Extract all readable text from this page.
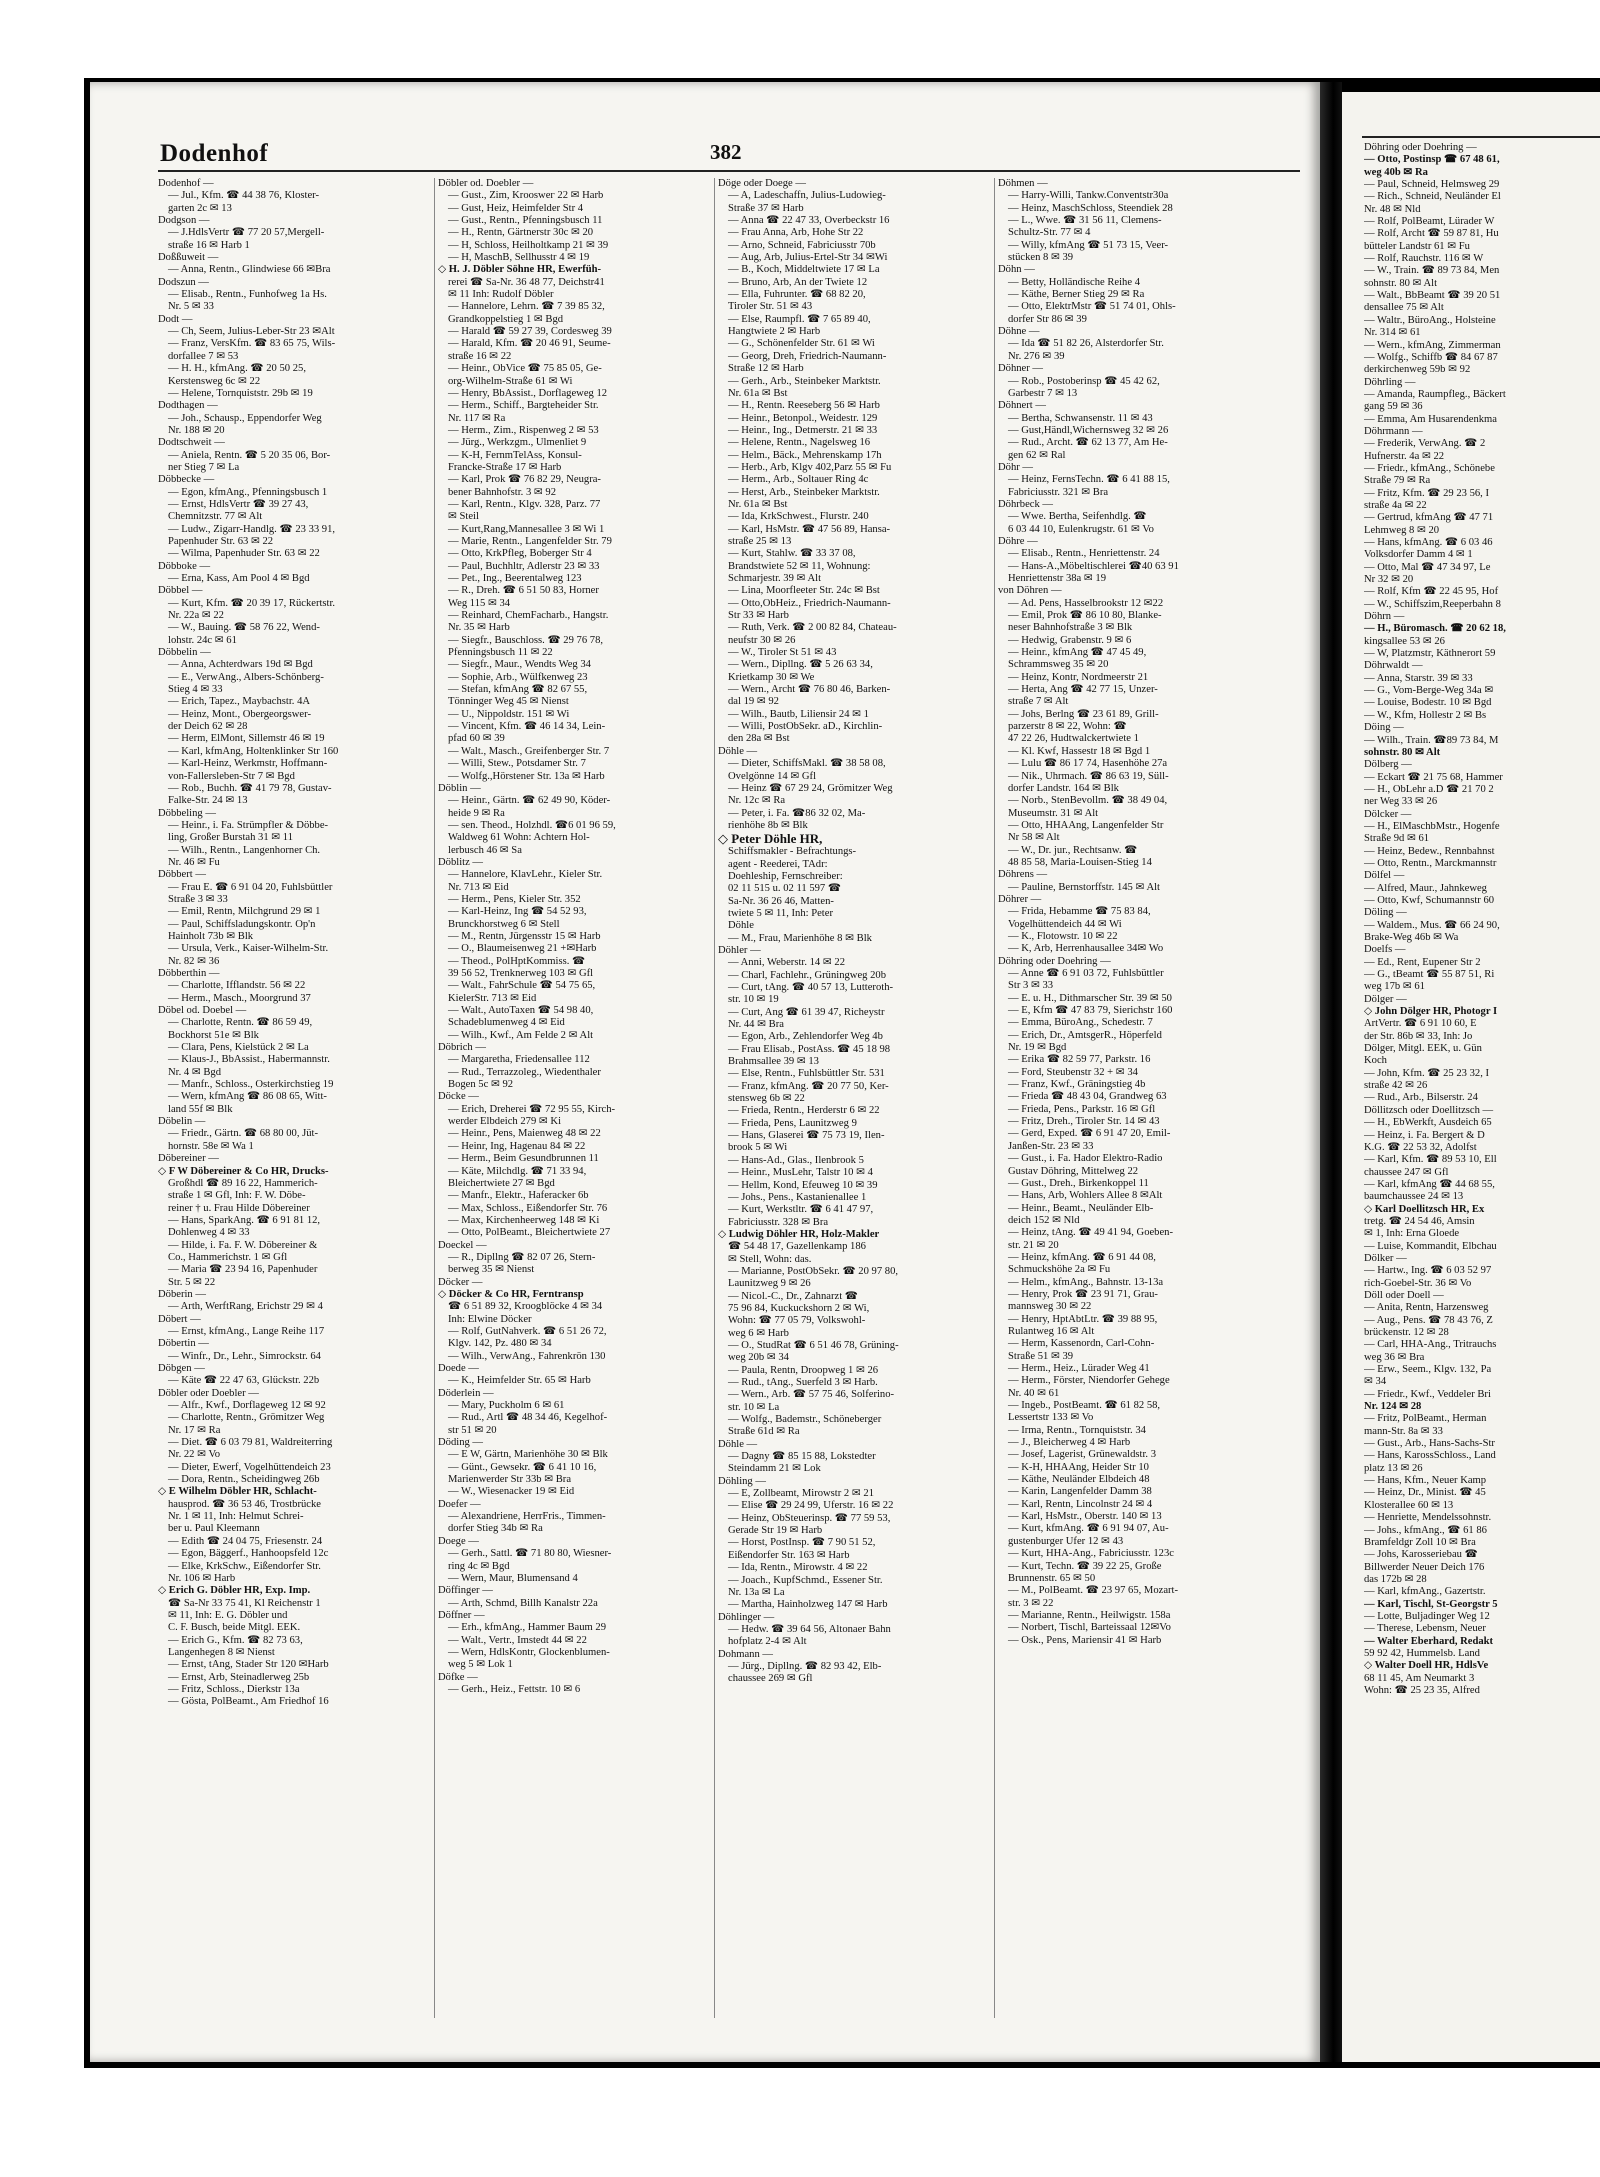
Dodenhof	382
Dodenhof —
— Jul., Kfm. ☎ 44 38 76, Kloster-
garten 2c ✉ 13
Dodgson —
— J.HdlsVertr ☎ 77 20 57,Mergell-
straße 16 ✉ Harb 1
Doßßuweit —
— Anna, Rentn., Glindwiese 66 ✉Bra
Dodszun —
— Elisab., Rentn., Funhofweg 1a Hs.
Nr. 5 ✉ 33
Dodt —
— Ch, Seem, Julius-Leber-Str 23 ✉Alt
— Franz, VersKfm. ☎ 83 65 75, Wils-
dorfallee 7 ✉ 53
— H. H., kfmAng. ☎ 20 50 25,
Kerstensweg 6c ✉ 22
— Helene, Tornquiststr. 29b ✉ 19
Dodthagen —
— Joh., Schausp., Eppendorfer Weg
Nr. 188 ✉ 20
Dodtschweit —
— Aniela, Rentn. ☎ 5 20 35 06, Bor-
ner Stieg 7 ✉ La
Döbbecke —
— Egon, kfmAng., Pfenningsbusch 1
— Ernst, HdlsVertr ☎ 39 27 43,
Chemnitzstr. 77 ✉ Alt
— Ludw., Zigarr-Handlg. ☎ 23 33 91,
Papenhuder Str. 63 ✉ 22
— Wilma, Papenhuder Str. 63 ✉ 22
Döbboke —
— Erna, Kass, Am Pool 4 ✉ Bgd
Döbbel —
— Kurt, Kfm. ☎ 20 39 17, Rückertstr.
Nr. 22a ✉ 22
— W., Bauing. ☎ 58 76 22, Wend-
lohstr. 24c ✉ 61
Döbbelin —
— Anna, Achterdwars 19d ✉ Bgd
— E., VerwAng., Albers-Schönberg-
Stieg 4 ✉ 33
— Erich, Tapez., Maybachstr. 4A
— Heinz, Mont., Obergeorgswer-
der Deich 62 ✉ 28
— Herm, ElMont, Sillemstr 46 ✉ 19
— Karl, kfmAng, Holtenklinker Str 160
— Karl-Heinz, Werkmstr, Hoffmann-
von-Fallersleben-Str 7 ✉ Bgd
— Rob., Buchh. ☎ 41 79 78, Gustav-
Falke-Str. 24 ✉ 13
Döbbeling —
— Heinr., i. Fa. Strümpfler & Döbbe-
ling, Großer Burstah 31 ✉ 11
— Wilh., Rentn., Langenhorner Ch.
Nr. 46 ✉ Fu
Döbbert —
— Frau E. ☎ 6 91 04 20, Fuhlsbüttler
Straße 3 ✉ 33
— Emil, Rentn, Milchgrund 29 ✉ 1
— Paul, Schiffsladungskontr. Op'n
Hainholt 73b ✉ Blk
— Ursula, Verk., Kaiser-Wilhelm-Str.
Nr. 82 ✉ 36
Döbberthin —
— Charlotte, Ifflandstr. 56 ✉ 22
— Herm., Masch., Moorgrund 37
Döbel od. Doebel —
— Charlotte, Rentn. ☎ 86 59 49,
Bockhorst 51e ✉ Blk
— Clara, Pens, Kielstück 2 ✉ La
— Klaus-J., BbAssist., Habermannstr.
Nr. 4 ✉ Bgd
— Manfr., Schloss., Osterkirchstieg 19
— Wern, kfmAng ☎ 86 08 65, Witt-
land 55f ✉ Blk
Döbelin —
— Friedr., Gärtn. ☎ 68 80 00, Jüt-
hornstr. 58e ✉ Wa 1
Döbereiner —
◇ F W Döbereiner & Co HR, Drucks-
Großhdl ☎ 89 16 22, Hammerich-
straße 1 ✉ Gfl, Inh: F. W. Döbe-
reiner † u. Frau Hilde Döbereiner
— Hans, SparkAng. ☎ 6 91 81 12,
Dohlenweg 4 ✉ 33
— Hilde, i. Fa. F. W. Döbereiner &
Co., Hammerichstr. 1 ✉ Gfl
— Maria ☎ 23 94 16, Papenhuder
Str. 5 ✉ 22
Döberin —
— Arth, WerftRang, Erichstr 29 ✉ 4
Döbert —
— Ernst, kfmAng., Lange Reihe 117
Döbertin —
— Winfr., Dr., Lehr., Simrockstr. 64
Döbgen —
— Käte ☎ 22 47 63, Glückstr. 22b
Döbler oder Doebler —
— Alfr., Kwf., Dorflageweg 12 ✉ 92
— Charlotte, Rentn., Grömitzer Weg
Nr. 17 ✉ Ra
— Diet. ☎ 6 03 79 81, Waldreiterring
Nr. 22 ✉ Vo
— Dieter, Ewerf, Vogelhüttendeich 23
— Dora, Rentn., Scheidingweg 26b
◇ E Wilhelm Döbler HR, Schlacht-
hausprod. ☎ 36 53 46, Trostbrücke
Nr. 1 ✉ 11, Inh: Helmut Schrei-
ber u. Paul Kleemann
— Edith ☎ 24 04 75, Friesenstr. 24
— Egon, Bäggerf., Hanhoopsfeld 12c
— Elke, KrkSchw., Eißendorfer Str.
Nr. 106 ✉ Harb
◇ Erich G. Döbler HR, Exp. Imp.
☎ Sa-Nr 33 75 41, Kl Reichenstr 1
✉ 11, Inh: E. G. Döbler und
C. F. Busch, beide Mitgl. EEK.
— Erich G., Kfm. ☎ 82 73 63,
Langenhegen 8 ✉ Nienst
— Ernst, tAng, Stader Str 120 ✉Harb
— Ernst, Arb, Steinadlerweg 25b
— Fritz, Schloss., Dierkstr 13a
— Gösta, PolBeamt., Am Friedhof 16
Döbler od. Doebler —
— Gust., Zim, Krooswег 22 ✉ Harb
— Gust, Heiz, Heimfelder Str 4
— Gust., Rentn., Pfenningsbusch 11
— H., Rentn, Gärtnerstr 30c ✉ 20
— H, Schloss, Heilholtkamp 21 ✉ 39
— H, MaschB, Sellhusstr 4 ✉ 19
◇ H. J. Döbler Söhne HR, Ewerfüh-
rerei ☎ Sa-Nr. 36 48 77, Deichstr41
✉ 11 Inh: Rudolf Döbler
— Hannelore, Lehrn. ☎ 7 39 85 32,
Grandkoppelstieg 1 ✉ Bgd
— Harald ☎ 59 27 39, Cordesweg 39
— Harald, Kfm. ☎ 20 46 91, Seume-
straße 16 ✉ 22
— Heinr., ObVice ☎ 75 85 05, Ge-
org-Wilhelm-Straße 61 ✉ Wi
— Henry, BbAssist., Dorflageweg 12
— Herm., Schiff., Bargteheider Str.
Nr. 117 ✉ Ra
— Herm., Zim., Rispenweg 2 ✉ 53
— Jürg., Werkzgm., Ulmenliet 9
— K-H, FernmTelAss, Konsul-
Francke-Straße 17 ✉ Harb
— Karl, Prok ☎ 76 82 29, Neugra-
bener Bahnhofstr. 3 ✉ 92
— Karl, Rentn., Klgv. 328, Parz. 77
✉ Steil
— Kurt,Rang,Mannesallee 3 ✉ Wi 1
— Marie, Rentn., Langenfelder Str. 79
— Otto, KrkPfleg, Boberger Str 4
— Paul, Buchhltr, Adlerstr 23 ✉ 33
— Pet., Ing., Beerentalweg 123
— R., Dreh. ☎ 6 51 50 83, Horner
Weg 115 ✉ 34
— Reinhard, ChemFacharb., Hangstr.
Nr. 35 ✉ Harb
— Siegfr., Bauschloss. ☎ 29 76 78,
Pfenningsbusch 11 ✉ 22
— Siegfr., Maur., Wendts Weg 34
— Sophie, Arb., Wülfkenweg 23
— Stefan, kfmAng ☎ 82 67 55,
Tönninger Weg 45 ✉ Nienst
— U., Nippoldstr. 151 ✉ Wi
— Vincent, Kfm. ☎ 46 14 34, Lein-
pfad 60 ✉ 39
— Walt., Masch., Greifenberger Str. 7
— Willi, Stew., Potsdamer Str. 7
— Wolfg.,Hörstener Str. 13a ✉ Harb
Döblin —
— Heinr., Gärtn. ☎ 62 49 90, Köder-
heide 9 ✉ Ra
— sen. Theod., Holzhdl. ☎6 01 96 59,
Waldweg 61 Wohn: Achtern Hol-
lerbusch 46 ✉ Sa
Döblitz —
— Hannelore, KlavLehr., Kieler Str.
Nr. 713 ✉ Eid
— Herm., Pens, Kieler Str. 352
— Karl-Heinz, Ing ☎ 54 52 93,
Brunckhorstweg 6 ✉ Stell
— M., Rentn, Jürgensstr 15 ✉ Harb
— O., Blaumeisenweg 21 +✉Harb
— Theod., PolHptKommiss. ☎
39 56 52, Trenknerweg 103 ✉ Gfl
— Walt., FahrSchule ☎ 54 75 65,
KielerStr. 713 ✉ Eid
— Walt., AutoTaxen ☎ 54 98 40,
Schadeblumenweg 4 ✉ Eid
— Wilh., Kwf., Am Felde 2 ✉ Alt
Döbrich —
— Margaretha, Friedensallee 112
— Rud., Terrazzoleg., Wiedenthaler
Bogen 5c ✉ 92
Döcke —
— Erich, Dreherei ☎ 72 95 55, Kirch-
werder Elbdeich 279 ✉ Ki
— Heinr., Pens, Maienweg 48 ✉ 22
— Heinr, Ing, Hagenau 84 ✉ 22
— Herm., Beim Gesundbrunnen 11
— Käte, Milchdlg. ☎ 71 33 94,
Bleichertwiete 27 ✉ Bgd
— Manfr., Elektr., Haferacker 6b
— Max, Schloss., Eißendorfer Str. 76
— Max, Kirchenheerweg 148 ✉ Ki
— Otto, PolBeamt., Bleichertwiete 27
Doeckel —
— R., Dipllng ☎ 82 07 26, Stern-
berweg 35 ✉ Nienst
Döcker —
◇ Döcker & Co HR, Ferntransp
☎ 6 51 89 32, Kroogblöcke 4 ✉ 34
Inh: Elwine Döcker
— Rolf, GutNahverk. ☎ 6 51 26 72,
Klgv. 142, Pz. 480 ✉ 34
— Wilh., VerwAng., Fahrenkrön 130
Doede —
— K., Heimfelder Str. 65 ✉ Harb
Döderlein —
— Mary, Puckholm 6 ✉ 61
— Rud., Artl ☎ 48 34 46, Kegelhof-
str 51 ✉ 20
Döding —
— E W, Gärtn, Marienhöhe 30 ✉ Blk
— Günt., Gewsekr. ☎ 6 41 10 16,
Marienwerder Str 33b ✉ Bra
— W., Wiesenacker 19 ✉ Eid
Doefer —
— Alexandriene, HerrFris., Timmen-
dorfer Stieg 34b ✉ Ra
Doege —
— Gerh., Sattl. ☎ 71 80 80, Wiesner-
ring 4c ✉ Bgd
— Wern, Maur, Blumensand 4
Döffinger —
— Arth, Schmd, Billh Kanalstr 22a
Döffner —
— Erh., kfmAng., Hammer Baum 29
— Walt., Vertr., Imstedt 44 ✉ 22
— Wern, HdlsKontr, Glockenblumen-
weg 5 ✉ Lok 1
Döfke —
— Gerh., Heiz., Fettstr. 10 ✉ 6
Döge oder Doege —
— A, Ladeschaffn, Julius-Ludowieg-
Straße 37 ✉ Harb
— Anna ☎ 22 47 33, Overbeckstr 16
— Frau Anna, Arb, Hohe Str 22
— Arno, Schneid, Fabriciusstr 70b
— Aug, Arb, Julius-Ertel-Str 34 ✉Wi
— B., Koch, Middeltwiete 17 ✉ La
— Bruno, Arb, An der Twiete 12
— Ella, Fuhrunter. ☎ 68 82 20,
Tiroler Str. 51 ✉ 43
— Else, Raumpfl. ☎ 7 65 89 40,
Hangtwiete 2 ✉ Harb
— G., Schönenfelder Str. 61 ✉ Wi
— Georg, Dreh, Friedrich-Naumann-
Straße 12 ✉ Harb
— Gerh., Arb., Steinbeker Marktstr.
Nr. 61a ✉ Bst
— H., Rentn. Reeseberg 56 ✉ Harb
— Heinr., Betonpol., Weidestr. 129
— Heinr., Ing., Detmerstr. 21 ✉ 33
— Helene, Rentn., Nagelsweg 16
— Helm., Bäck., Mehrenskamp 17h
— Herb., Arb, Klgv 402,Parz 55 ✉ Fu
— Herm., Arb., Soltauer Ring 4c
— Herst, Arb., Steinbeker Marktstr.
Nr. 61a ✉ Bst
— Ida, KrkSchwest., Flurstr. 240
— Karl, HsMstr. ☎ 47 56 89, Hansa-
straße 25 ✉ 13
— Kurt, Stahlw. ☎ 33 37 08,
Brandstwiete 52 ✉ 11, Wohnung:
Schmarjestr. 39 ✉ Alt
— Lina, Moorfleeter Str. 24c ✉ Bst
— Otto,ObHeiz., Friedrich-Naumann-
Str 33 ✉ Harb
— Ruth, Verk. ☎ 2 00 82 84, Chateau-
neufstr 30 ✉ 26
— W., Tiroler St 51 ✉ 43
— Wern., Dipllng. ☎ 5 26 63 34,
Krietkamp 30 ✉ We
— Wern., Archt ☎ 76 80 46, Barken-
dal 19 ✉ 92
— Wilh., Bautb, Liliensir 24 ✉ 1
— Willi, PostObSekr. aD., Kirchlin-
den 28a ✉ Bst
Döhle —
— Dieter, SchiffsMakl. ☎ 38 58 08,
Ovelgönne 14 ✉ Gfl
— Heinz ☎ 67 29 24, Grömitzer Weg
Nr. 12c ✉ Ra
— Peter, i. Fa. ☎86 32 02, Ma-
rienhöhe 8b ✉ Blk
◇ Peter Döhle HR,
Schiffsmakler - Befrachtungs-
agent - Reederei, TAdr:
Doehleship, Fernschreiber:
02 11 515 u. 02 11 597 ☎
Sa-Nr. 36 26 46, Matten-
twiete 5 ✉ 11, Inh: Peter
Döhle
— M., Frau, Marienhöhe 8 ✉ Blk
Döhler —
— Anni, Weberstr. 14 ✉ 22
— Charl, Fachlehr., Grüningweg 20b
— Curt, tAng. ☎ 40 57 13, Lutteroth-
str. 10 ✉ 19
— Curt, Ang ☎ 61 39 47, Richeystr
Nr. 44 ✉ Bra
— Egon, Arb., Zehlendorfer Weg 4b
— Frau Elisab., PostAss. ☎ 45 18 98
Brahmsallee 39 ✉ 13
— Else, Rentn., Fuhlsbüttler Str. 531
— Franz, kfmAng. ☎ 20 77 50, Ker-
stensweg 6b ✉ 22
— Frieda, Rentn., Herderstr 6 ✉ 22
— Frieda, Pens, Launitzweg 9
— Hans, Glaserei ☎ 75 73 19, Ilen-
brook 5 ✉ Wi
— Hans-Ad., Glas., Ilenbrook 5
— Heinr., MusLehr, Talstr 10 ✉ 4
— Hellm, Kond, Efeuweg 10 ✉ 39
— Johs., Pens., Kastanienallee 1
— Kurt, Werkstltr. ☎ 6 41 47 97,
Fabriciusstr. 328 ✉ Bra
◇ Ludwig Döhler HR, Holz-Makler
☎ 54 48 17, Gazellenkamp 186
✉ Stell, Wohn: das.
— Marianne, PostObSekr. ☎ 20 97 80,
Launitzweg 9 ✉ 26
— Nicol.-C., Dr., Zahnarzt ☎
75 96 84, Kuckuckshorn 2 ✉ Wi,
Wohn: ☎ 77 05 79, Volkswohl-
weg 6 ✉ Harb
— O., StudRat ☎ 6 51 46 78, Grüning-
weg 20b ✉ 34
— Paula, Rentn, Droopweg 1 ✉ 26
— Rud., tAng., Suerfeld 3 ✉ Harb.
— Wern., Arb. ☎ 57 75 46, Solferino-
str. 10 ✉ La
— Wolfg., Bademstr., Schöneberger
Straße 61d ✉ Ra
Döhle —
— Dagny ☎ 85 15 88, Lokstedter
Steindamm 21 ✉ Lok
Döhling —
— E, Zollbeamt, Mirowstr 2 ✉ 21
— Elise ☎ 29 24 99, Uferstr. 16 ✉ 22
— Heinz, ObSteuerinsp. ☎ 77 59 53,
Gerade Str 19 ✉ Harb
— Horst, PostInsp. ☎ 7 90 51 52,
Eißendorfer Str. 163 ✉ Harb
— Ida, Rentn., Mirowstr. 4 ✉ 22
— Joach., KupfSchmd., Essener Str.
Nr. 13a ✉ La
— Martha, Hainholzweg 147 ✉ Harb
Döhlinger —
— Hedw. ☎ 39 64 56, Altonaer Bahn
hofplatz 2-4 ✉ Alt
Dohmann —
— Jürg., Dipllng. ☎ 82 93 42, Elb-
chaussee 269 ✉ Gfl
Döhmen —
— Harry-Willi, Tankw.Conventstr30a
— Heinz, MaschSchloss, Steendiek 28
— L., Wwe. ☎ 31 56 11, Clemens-
Schultz-Str. 77 ✉ 4
— Willy, kfmAng ☎ 51 73 15, Veer-
stücken 8 ✉ 39
Döhn —
— Betty, Holländische Reihe 4
— Käthe, Berner Stieg 29 ✉ Ra
— Otto, ElektrMstr ☎ 51 74 01, Ohls-
dorfer Str 86 ✉ 39
Döhne —
— Ida ☎ 51 82 26, Alsterdorfer Str.
Nr. 276 ✉ 39
Döhner —
— Rob., Postoberinsp ☎ 45 42 62,
Garbestr 7 ✉ 13
Döhnert —
— Bertha, Schwansenstr. 11 ✉ 43
— Gust,Händl,Wichernsweg 32 ✉ 26
— Rud., Archt. ☎ 62 13 77, Am He-
gen 62 ✉ Ral
Döhr —
— Heinz, FernsTechn. ☎ 6 41 88 15,
Fabriciusstr. 321 ✉ Bra
Döhrbeck —
— Wwe. Bertha, Seifenhdlg. ☎
6 03 44 10, Eulenkrugstr. 61 ✉ Vo
Döhre —
— Elisab., Rentn., Henriettenstr. 24
— Hans-A.,Möbeltischlerei ☎40 63 91
Henriettenstr 38a ✉ 19
von Döhren —
— Ad. Pens, Hasselbrookstr 12 ✉22
— Emil, Prok ☎ 86 10 80, Blanke-
neser Bahnhofstraße 3 ✉ Blk
— Hedwig, Grabenstr. 9 ✉ 6
— Heinr., kfmAng ☎ 47 45 49,
Schrammsweg 35 ✉ 20
— Heinz, Kontr, Nordmeerstr 21
— Herta, Ang ☎ 42 77 15, Unzer-
straße 7 ✉ Alt
— Johs, Berlng ☎ 23 61 89, Grill-
parzerstr 8 ✉ 22, Wohn: ☎
47 22 26, Hudtwalckertwiete 1
— Kl. Kwf, Hassestr 18 ✉ Bgd 1
— Lulu ☎ 86 17 74, Hasenhöhe 27a
— Nik., Uhrmach. ☎ 86 63 19, Süll-
dorfer Landstr. 164 ✉ Blk
— Norb., StenBevollm. ☎ 38 49 04,
Museumstr. 31 ✉ Alt
— Otto, HHAAng, Langenfelder Str
Nr 58 ✉ Alt
— W., Dr. jur., Rechtsanw. ☎
48 85 58, Maria-Louisen-Stieg 14
Döhrens —
— Pauline, Bernstorffstr. 145 ✉ Alt
Döhrer —
— Frida, Hebamme ☎ 75 83 84,
Vogelhüttendeich 44 ✉ Wi
— K., Flotowstr. 10 ✉ 22
— K, Arb, Herrenhausallee 34✉ Wo
Döhring oder Doehring —
— Anne ☎ 6 91 03 72, Fuhlsbüttler
Str 3 ✉ 33
— E. u. H., Dithmarscher Str. 39 ✉ 50
— E, Kfm ☎ 47 83 79, Sierichstr 160
— Emma, BüroAng., Schedestr. 7
— Erich, Dr., AmtsgerR., Höperfeld
Nr. 19 ✉ Bgd
— Erika ☎ 82 59 77, Parkstr. 16
— Ford, Steubenstr 32 + ✉ 34
— Franz, Kwf., Gräningstieg 4b
— Frieda ☎ 48 43 04, Grandweg 63
— Frieda, Pens., Parkstr. 16 ✉ Gfl
— Fritz, Dreh., Tiroler Str. 14 ✉ 43
— Gerd, Exped. ☎ 6 91 47 20, Emil-
Janßen-Str. 23 ✉ 33
— Gust., i. Fa. Hador Elektro-Radio
Gustav Döhring, Mittelweg 22
— Gust., Dreh., Birkenkoppel 11
— Hans, Arb, Wohlers Allee 8 ✉Alt
— Heinr., Beamt., Neuländer Elb-
deich 152 ✉ Nld
— Heinz, tAng. ☎ 49 41 94, Goeben-
str. 21 ✉ 20
— Heinz, kfmAng. ☎ 6 91 44 08,
Schmuckshöhe 2a ✉ Fu
— Helm., kfmAng., Bahnstr. 13-13a
— Henry, Prok ☎ 23 91 71, Grau-
mannsweg 30 ✉ 22
— Henry, HptAbtLtr. ☎ 39 88 95,
Rulantweg 16 ✉ Alt
— Herm, Kassenordn, Carl-Cohn-
Straße 51 ✉ 39
— Herm., Heiz., Lürader Weg 41
— Herm., Förster, Niendorfer Gehege
Nr. 40 ✉ 61
— Ingeb., PostBeamt. ☎ 61 82 58,
Lessertstr 133 ✉ Vo
— Irma, Rentn., Tornquiststr. 34
— J., Bleicherweg 4 ✉ Harb
— Josef, Lagerist, Grünewaldstr. 3
— K-H, HHAAng, Heider Str 10
— Käthe, Neuländer Elbdeich 48
— Karin, Langenfelder Damm 38
— Karl, Rentn, Lincolnstr 24 ✉ 4
— Karl, HsMstr., Oberstr. 140 ✉ 13
— Kurt, kfmAng. ☎ 6 91 94 07, Au-
gustenburger Ufer 12 ✉ 43
— Kurt, HHA-Ang., Fabriciusstr. 123c
— Kurt, Techn. ☎ 39 22 25, Große
Brunnenstr. 65 ✉ 50
— M., PolBeamt. ☎ 23 97 65, Mozart-
str. 3 ✉ 22
— Marianne, Rentn., Heilwigstr. 158a
— Norbert, Tischl, Barteissaal 12✉Vo
— Osk., Pens, Mariensir 41 ✉ Harb
Döhring oder Doehring —
— Otto, Postinsp ☎ 67 48 61,
weg 40b ✉ Ra
— Paul, Schneid, Helmsweg 29
— Rich., Schneid, Neuländer El
Nr. 48 ✉ Nld
— Rolf, PolBeamt, Lürader W
— Rolf, Archt ☎ 59 87 81, Hu
bütteler Landstr 61 ✉ Fu
— Rolf, Rauchstr. 116 ✉ W
— W., Train. ☎ 89 73 84, Men
sohnstr. 80 ✉ Alt
— Walt., BbBeamt ☎ 39 20 51
densallee 75 ✉ Alt
— Waltr., BüroAng., Holsteine
Nr. 314 ✉ 61
— Wern., kfmAng, Zimmerman
— Wolfg., Schiffb ☎ 84 67 87
derkirchenweg 59b ✉ 92
Döhrling —
— Amanda, Raumpfleg., Bäckert
gang 59 ✉ 36
— Emma, Am Husarendenkma
Döhrmann —
— Frederik, VerwAng. ☎ 2
Hufnerstr. 4a ✉ 22
— Friedr., kfmAng., Schönebe
Straße 79 ✉ Ra
— Fritz, Kfm. ☎ 29 23 56, I
straße 4a ✉ 22
— Gertrud, kfmAng ☎ 47 71
Lehmweg 8 ✉ 20
— Hans, kfmAng. ☎ 6 03 46
Volksdorfer Damm 4 ✉ 1
— Otto, Mal ☎ 47 34 97, Le
Nr 32 ✉ 20
— Rolf, Kfm ☎ 22 45 95, Hof
— W., Schiffszim,Reeperbahn 8
Döhrn —
— H., Büromasch. ☎ 20 62 18,
kingsallee 53 ✉ 26
— W, Platzmstr, Käthnerort 59
Döhrwaldt —
— Anna, Starstr. 39 ✉ 33
— G., Vom-Berge-Weg 34a ✉
— Louise, Bodestr. 10 ✉ Bgd
— W., Kfm, Hollestr 2 ✉ Bs
Döing —
— Wilh., Train. ☎89 73 84, M
sohnstr. 80 ✉ Alt
Dölberg —
— Eckart ☎ 21 75 68, Hammer
— H., ObLehr a.D ☎ 21 70 2
ner Weg 33 ✉ 26
Dölcker —
— H., ElMaschbMstr., Hogenfe
Straße 9d ✉ 61
— Heinz, Bedew., Rennbahnst
— Otto, Rentn., Marckmannstr
Dölfel —
— Alfred, Maur., Jahnkeweg
— Otto, Kwf, Schumannstr 60
Döling —
— Waldem., Mus. ☎ 66 24 90,
Brake-Weg 46b ✉ Wa
Doelfs —
— Ed., Rent, Eupener Str 2
— G., tBeamt ☎ 55 87 51, Ri
weg 17b ✉ 61
Dölger —
◇ John Dölger HR, Photogr I
ArtVertr. ☎ 6 91 10 60, E
der Str. 86b ✉ 33, Inh: Jo
Dölger, Mitgl. EEK, u. Gün
Koch
— John, Kfm. ☎ 25 23 32, I
straße 42 ✉ 26
— Rud., Arb., Bilserstr. 24
Döllitzsch oder Doellitzsch —
— H., EbWerkft, Ausdeich 65
— Heinz, i. Fa. Bergert & D
K.G. ☎ 22 53 32, Adolfst
— Karl, Kfm. ☎ 89 53 10, Ell
chaussee 247 ✉ Gfl
— Karl, kfmAng ☎ 44 68 55,
baumchaussee 24 ✉ 13
◇ Karl Doellitzsch HR, Ex
tretg. ☎ 24 54 46, Amsin
✉ 1, Inh: Erna Gloede
— Luise, Kommandit, Elbchau
Dölker —
— Hartw., Ing. ☎ 6 03 52 97
rich-Goebel-Str. 36 ✉ Vo
Döll oder Doell —
— Anita, Rentn, Harzensweg
— Aug., Pens. ☎ 78 43 76, Z
brückenstr. 12 ✉ 28
— Carl, HHA-Ang., Tritrauchs
weg 36 ✉ Bra
— Erw., Seem., Klgv. 132, Pa
✉ 34
— Friedr., Kwf., Veddeler Bri
Nr. 124 ✉ 28
— Fritz, PolBeamt., Herman
mann-Str. 8a ✉ 33
— Gust., Arb., Hans-Sachs-Str
— Hans, KarossSchloss., Land
platz 13 ✉ 26
— Hans, Kfm., Neuer Kamp
— Heinz, Dr., Minist. ☎ 45
Klosterallee 60 ✉ 13
— Henriette, Mendelssohnstr.
— Johs., kfmAng., ☎ 61 86
Bramfeldgr Zoll 10 ✉ Bra
— Johs, Karosseriebau ☎
Billwerder Neuer Deich 176
das 172b ✉ 28
— Karl, kfmAng., Gazertstr.
— Karl, Tischl, St-Georgstr 5
— Lotte, Buljadinger Weg 12
— Therese, Lebensm, Neuer
— Walter Eberhard, Redakt
59 92 42, Hummelsb. Land
◇ Walter Doell HR, HdlsVe
68 11 45, Am Neumarkt 3
Wohn: ☎ 25 23 35, Alfred
